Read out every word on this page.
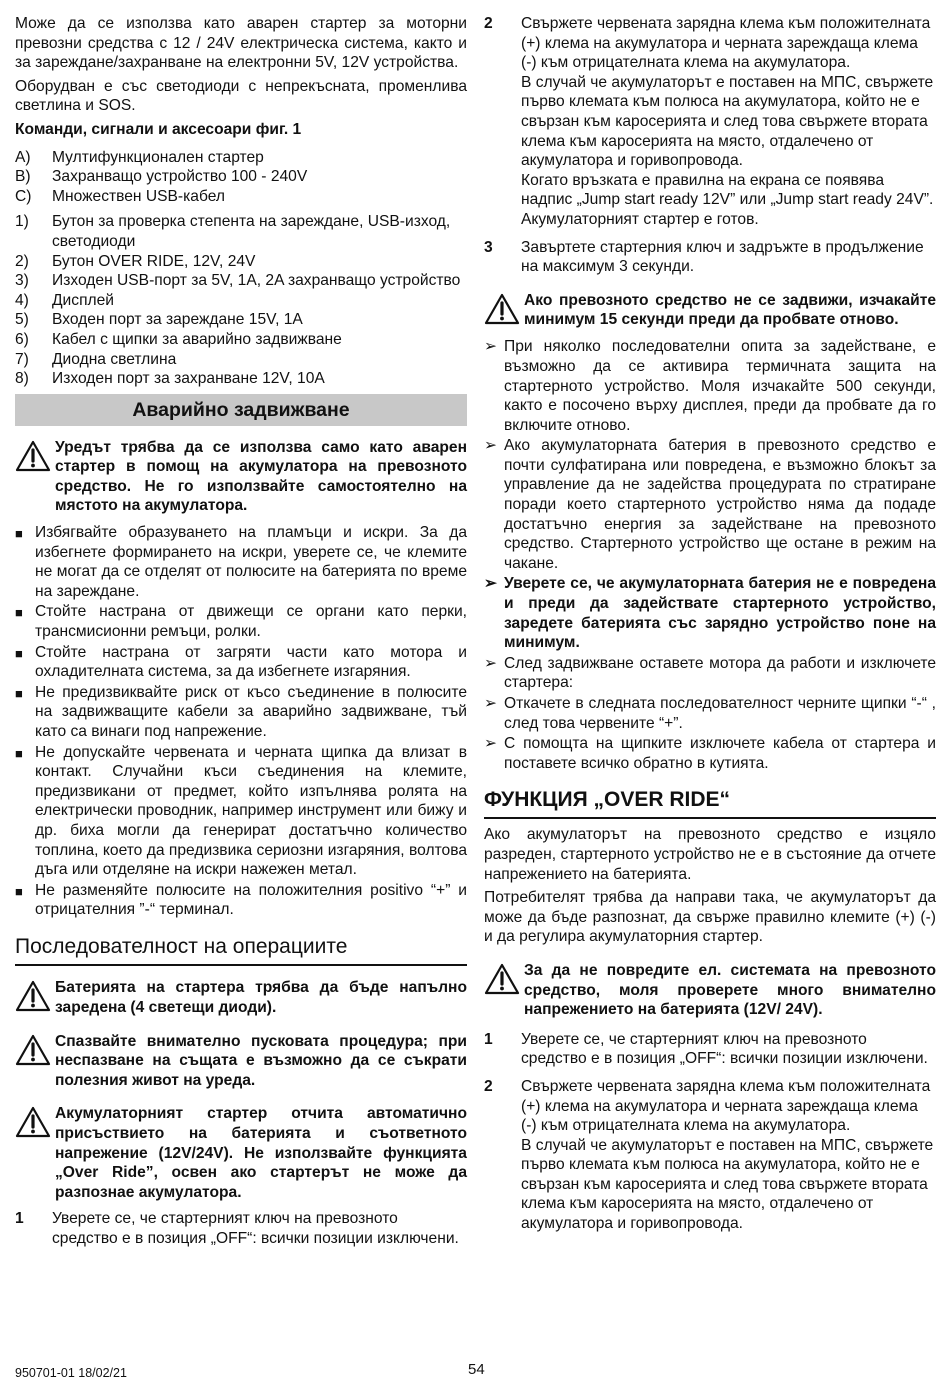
Може да се използва като аварен стартер за моторни превозни средства с 12 / 24V електрическа система, както и за зареждане/захранване на електронни 5V, 12V устройства.

Оборудван е със светодиоди с непрекъсната, променлива светлина и SOS.

Команди, сигнали и аксесоари фиг. 1

A)	Мултифункционален стартер
B)	Захранващо устройство 100 - 240V
C)	Множествен USB-кабел
1)	Бутон за проверка степента на зареждане, USB-изход, светодиоди
2)	Бутон OVER RIDE, 12V, 24V
3)	Изходен USB-порт за 5V, 1A, 2A захранващо устройство
4)	Дисплей
5)	Входен порт за зареждане 15V, 1A
6)	Кабел с щипки за аварийно задвижване
7)	Диодна светлина
8)	Изходен порт за захранване 12V, 10A
Аварийно задвижване
Уредът трябва да се използва само като аварен стартер в помощ на акумулатора на превозното средство. Не го използвайте самостоятелно на мястото на акумулатора.
■ Избягвайте образуването на пламъци и искри. За да избегнете формирането на искри, уверете се, че клемите не могат да се отделят от полюсите на батерията по време на зареждане.
■ Стойте настрана от движещи се органи като перки, трансмисионни ремъци, ролки.
■ Стойте настрана от загряти части като мотора и охладителната система, за да избегнете изгаряния.
■ Не предизвиквайте риск от късо съединение в полюсите на задвижващите кабели за аварийно задвижване, тъй като са винаги под напрежение.
■ Не допускайте червената и черната щипка да влизат в контакт. Случайни къси съединения на клемите, предизвикани от предмет, който изпълнява ролята на електрически проводник, например инструмент или бижу и др. биха могли да генерират достатъчно количество топлина, което да предизвика сериозни изгаряния, волтова дъга или отделяне на искри нажежен метал.
■ Не разменяйте полюсите на положителния positivo “+” и отрицателния ”-“ терминал.
Последователност на операциите
Батерията на стартера трябва да бъде напълно заредена (4 светещи диоди).
Спазвайте внимателно пусковата процедура; при неспазване на същата е възможно да се съкрати полезния живот на уреда.
Акумулаторният стартер отчита автоматично присъствието на батерията и съответното напрежение (12V/24V). Не използвайте функцията „Over Ride”, освен ако стартерът не може да разпознае акумулатора.
1	Уверете се, че стартерният ключ на превозното средство е в позиция „OFF“: всички позиции изключени.
2	Свържете червената зарядна клема към положителната (+) клема на акумулатора и черната зареждаща клема (-) към отрицателната клема на акумулатора.
В случай че акумулаторът е поставен на МПС, свържете първо клемата към полюса на акумулатора, който не е свързан към каросерията и след това свържете втората клема към каросерията на място, отдалечено от акумулатора и горивопровода.
Когато връзката е правилна на екрана се появява надпис „Jump start ready 12V” или „Jump start ready 24V”. Акумулаторният стартер е готов.
3	Завъртете стартерния ключ и задръжте в продължение на максимум 3 секунди.
Ако превозното средство не се задвижи, изчакайте минимум 15 секунди преди да пробвате отново.
➢ При няколко последователни опита за задействане, е възможно да се активира термичната защита на стартерното устройство. Моля изчакайте 500 секунди, както е посочено върху дисплея, преди да пробвате да го включите отново.
➢ Ако акумулаторната батерия в превозното средство е почти сулфатирана или повредена, е възможно блокът за управление да не задейства процедурата по стратиране поради което стартерното устройство няма да подаде достатъчно енергия за задействане на превозното средство. Стартерното устройство ще остане в режим на чакане.
➢ Уверете се, че акумулаторната батерия не е повредена и преди да задействате стартерното устройство, заредете батерията със зарядно устройство поне на минимум.
➢ След задвижване оставете мотора да работи и изключете стартера:
➢ Откачете в следната последователност черните щипки “-“ , след това червените “+”.
➢ С помощта на щипките изключете кабела от стартера и поставете всичко обратно в кутията.
ФУНКЦИЯ „OVER RIDE“

Ако акумулаторът на превозното средство е изцяло разреден, стартерното устройство не е в състояние да отчете напрежението на батерията.

Потребителят трябва да направи така, че акумулаторът да може да бъде разпознат, да свърже правилно клемите (+) (-) и да регулира акумулаторния стартер.

За да не повредите ел. системата на превозното средство, моля проверете много внимателно напрежението на батерията (12V/ 24V).
1	Уверете се, че стартерният ключ на превозното средство е в позиция „OFF“: всички позиции изключени.
2	Свържете червената зарядна клема към положителната (+) клема на акумулатора и черната зареждаща клема (-) към отрицателната клема на акумулатора.
В случай че акумулаторът е поставен на МПС, свържете първо клемата към полюса на акумулатора, който не е свързан към каросерията и след това свържете втората клема към каросерията на място, отдалечено от акумулатора и горивопровода.
950701-01 18/02/21	54
